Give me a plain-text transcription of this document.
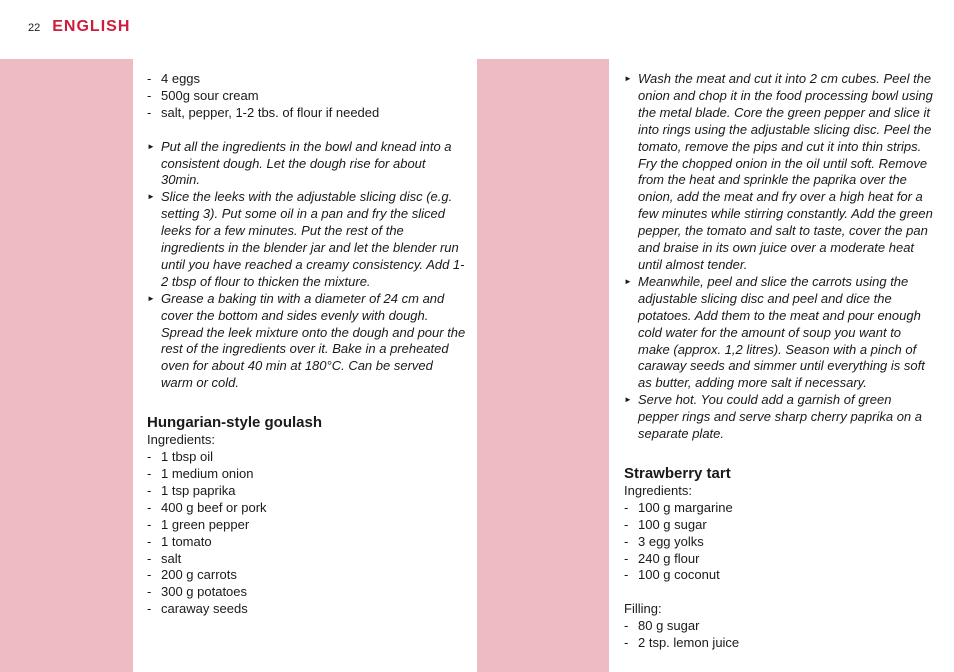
22 ENGLISH
- 4 eggs
- 500g sour cream
- salt, pepper, 1-2 tbs. of flour if needed
► Put all the ingredients in the bowl and knead into a consistent dough. Let the dough rise for about 30min.
► Slice the leeks with the adjustable slicing disc (e.g. setting 3). Put some oil in a pan and fry the sliced leeks for a few minutes. Put the rest of the ingredients in the blender jar and let the blender run until you have reached a creamy consistency. Add 1-2 tbsp of flour to thicken the mixture.
► Grease a baking tin with a diameter of 24 cm and cover the bottom and sides evenly with dough. Spread the leek mixture onto the dough and pour the rest of the ingredients over it. Bake in a preheated oven for about 40 min at 180°C. Can be served warm or cold.
Hungarian-style goulash

Ingredients:

- 1 tbsp oil
- 1 medium onion
- 1 tsp paprika
- 400 g beef or pork
- 1 green pepper
- 1 tomato
- salt
- 200 g carrots
- 300 g potatoes
- caraway seeds
► Wash the meat and cut it into 2 cm cubes. Peel the onion and chop it in the food processing bowl using the metal blade. Core the green pepper and slice it into rings using the adjustable slicing disc. Peel the tomato, remove the pips and cut it into thin strips. Fry the chopped onion in the oil until soft. Remove from the heat and sprinkle the paprika over the onion, add the meat and fry over a high heat for a few minutes while stirring constantly. Add the green pepper, the tomato and salt to taste, cover the pan and braise in its own juice over a moderate heat until almost tender.
► Meanwhile, peel and slice the carrots using the adjustable slicing disc and peel and dice the potatoes. Add them to the meat and pour enough cold water for the amount of soup you want to make (approx. 1,2 litres). Season with a pinch of caraway seeds and simmer until everything is soft as butter, adding more salt if necessary.
► Serve hot. You could add a garnish of green pepper rings and serve sharp cherry paprika on a separate plate.
Strawberry tart

Ingredients:

- 100 g margarine
- 100 g sugar
- 3 egg yolks
- 240 g flour
- 100 g coconut

Filling:

- 80 g sugar
- 2 tsp. lemon juice
